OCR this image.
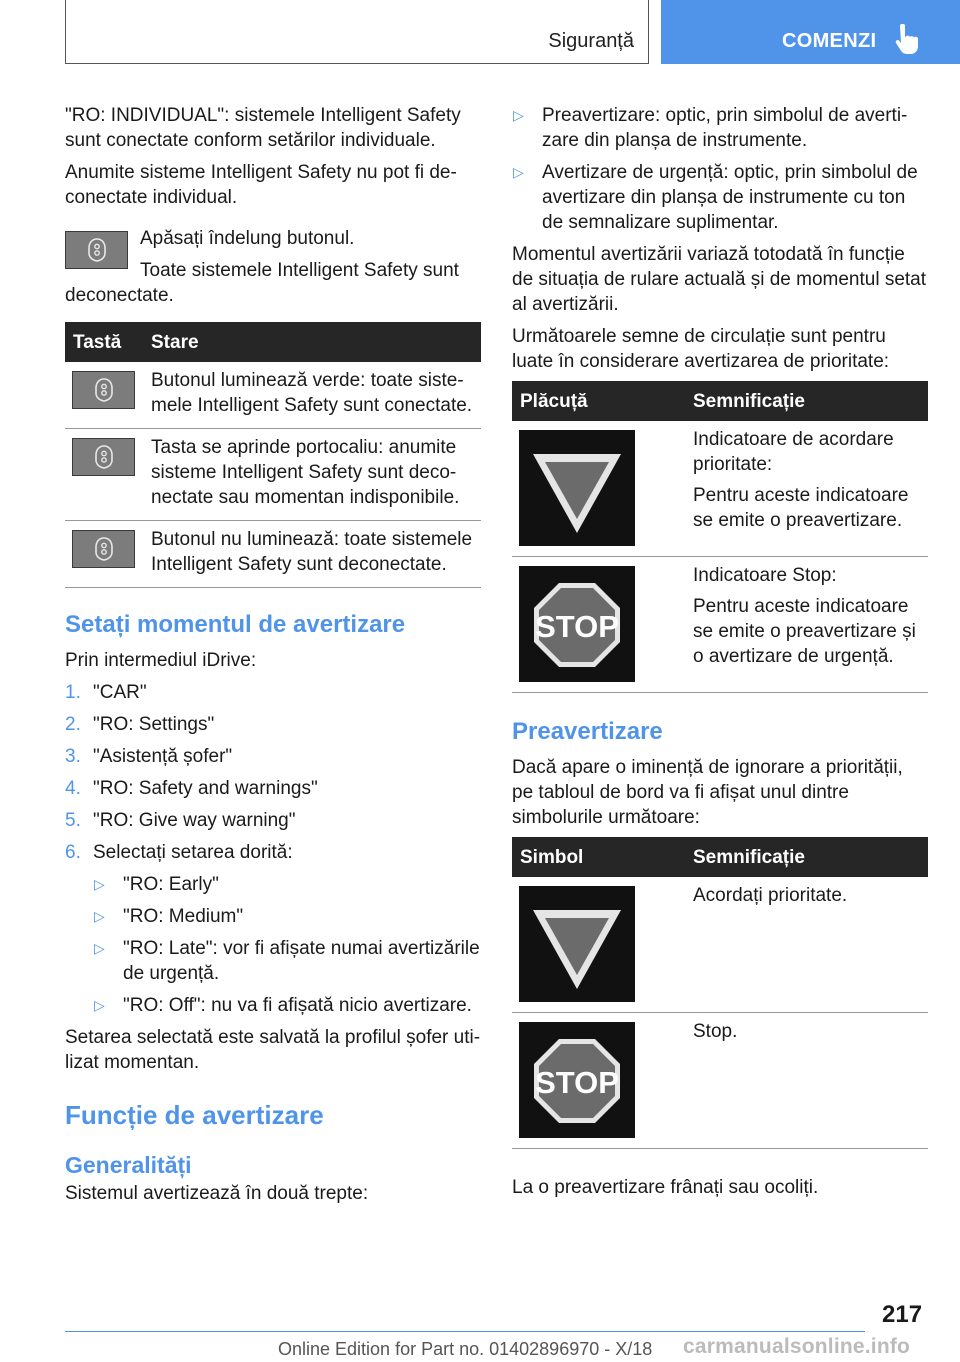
Siguranță	COMENZI

"RO: INDIVIDUAL": sistemele Intelligent Safety sunt conectate conform setărilor individuale.

Anumite sisteme Intelligent Safety nu pot fi de-conectate individual.

Apăsați îndelung butonul.

Toate sistemele Intelligent Safety sunt deconectate.

Tastă	Stare

	Butonul luminează verde: toate siste-mele Intelligent Safety sunt conectate.

	Tasta se aprinde portocaliu: anumite sisteme Intelligent Safety sunt deco-nectate sau momentan indisponibile.

	Butonul nu luminează: toate sistemele Intelligent Safety sunt deconectate.
Setați momentul de avertizare

Prin intermediul iDrive:

1. "CAR"
2. "RO: Settings"
3. "Asistență șofer"
4. "RO: Safety and warnings"
5. "RO: Give way warning"
6. Selectați setarea dorită:
▷ "RO: Early"
▷ "RO: Medium"
▷ "RO: Late": vor fi afișate numai avertizările de urgență.
▷ "RO: Off": nu va fi afișată nicio avertizare.

Setarea selectată este salvată la profilul șofer uti-lizat momentan.

Funcție de avertizare
Generalități

Sistemul avertizează în două trepte:

▷ Preavertizare: optic, prin simbolul de averti-zare din planșa de instrumente.
▷ Avertizare de urgență: optic, prin simbolul de avertizare din planșa de instrumente cu ton de semnalizare suplimentar.

Momentul avertizării variază totodată în funcție de situația de rulare actuală și de momentul setat al avertizării.

Următoarele semne de circulație sunt pentru luate în considerare avertizarea de prioritate:

Plăcuță	Semnificație

Indicatoare de acordare prioritate:

Pentru aceste indicatoare se emite o preavertizare.

STOP	Indicatoare Stop:

Pentru aceste indicatoare se emite o preavertizare și o avertizare de urgență.

Preavertizare

Dacă apare o iminență de ignorare a priorității, pe tabloul de bord va fi afișat unul dintre simbolurile următoare:

Simbol	Semnificație

Acordați prioritate.

STOP	Stop.

La o preavertizare frânați sau ocoliți.

217
Online Edition for Part no. 01402896970 - X/18 carmanualsonline.info
